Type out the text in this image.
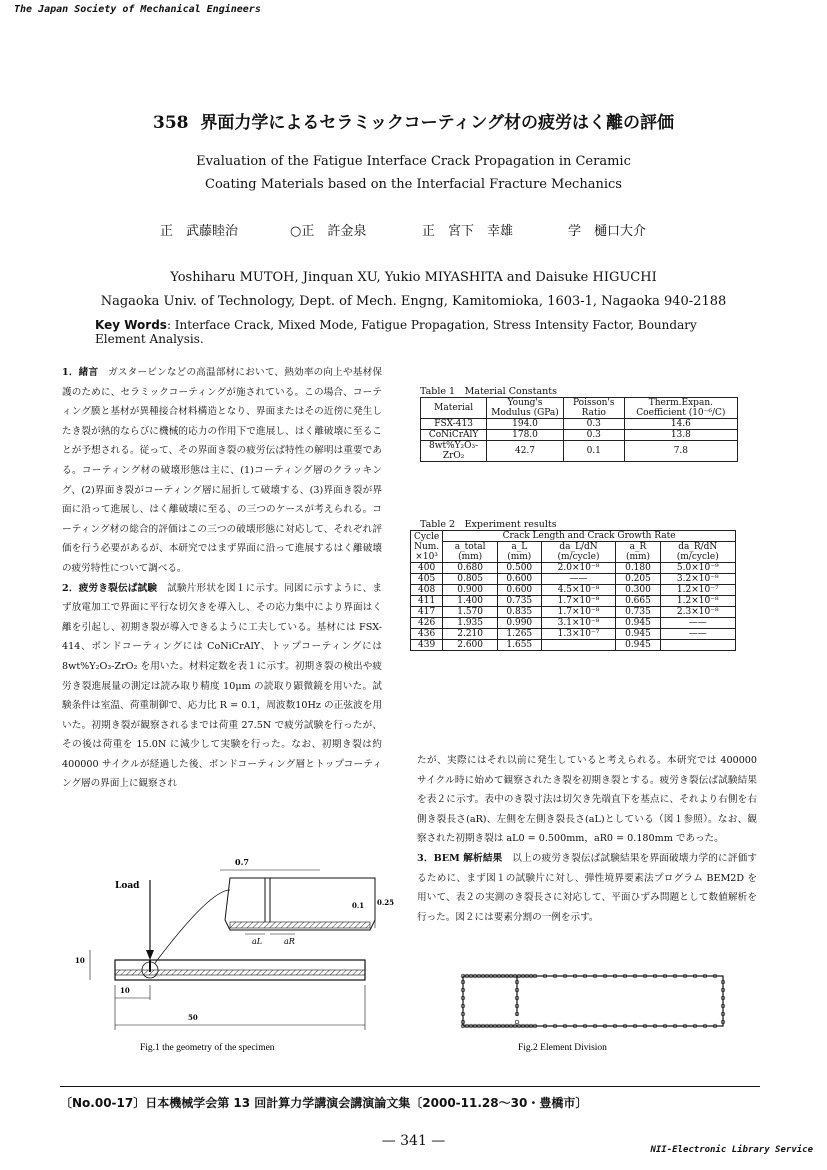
The Japan Society of Mechanical Engineers
358 界面力学によるセラミックコーティング材の疲労はく離の評価
Evaluation of the Fatigue Interface Crack Propagation in Ceramic
Coating Materials based on the Interfacial Fracture Mechanics
正　武藤睦治	○正　許金泉	正　宮下　幸雄	学　樋口大介
Yoshiharu MUTOH, Jinquan XU, Yukio MIYASHITA and Daisuke HIGUCHI
Nagaoka Univ. of Technology, Dept. of Mech. Engng, Kamitomioka, 1603-1, Nagaoka 940-2188
Key Words: Interface Crack, Mixed Mode, Fatigue Propagation, Stress Intensity Factor, Boundary Element Analysis.

1．緒言　 ガスタービンなどの高温部材において、熱効率の向上や基材保護のために、セラミックコーティングが施されている。この場合、コーティング膜と基材が異種接合材料構造となり、界面またはその近傍に発生したき裂が熱的ならびに機械的応力の作用下で進展し、はく離破壊に至ることが予想される。従って、その界面き裂の疲労伝ぱ特性の解明は重要である。コーティング材の破壊形態は主に、(1)コーティング層のクラッキング、(2)界面き裂がコーティング層に屈折して破壊する、(3)界面き裂が界面に沿って進展し、はく離破壊に至る、の三つのケースが考えられる。コーティング材の総合的評価はこの三つの破壊形態に対応して、それぞれ評価を行う必要があるが、本研究ではまず界面に沿って進展するはく離破壊の疲労特性について調べる。

2．疲労き裂伝ぱ試験　 試験片形状を図１に示す。同図に示すように、まず放電加工で界面に平行な切欠きを導入し、その応力集中により界面はく離を引起し、初期き裂が導入できるように工夫している。基材には FSX-414、ボンドコーティングには CoNiCrAlY、トップコーティングには 8wt%Y₂O₃-ZrO₂ を用いた。材料定数を表１に示す。初期き裂の検出や疲労き裂進展量の測定は読み取り精度 10μm の読取り顕微鏡を用いた。試験条件は室温、荷重制御で、応力比 R = 0.1，周波数10Hz の正弦波を用いた。初期き裂が観察されるまでは荷重 27.5N で疲労試験を行ったが、その後は荷重を 15.0N に減少して実験を行った。なお、初期き裂は約 400000 サイクルが経過した後、ボンドコーティング層とトップコーティング層の界面上に観察され

Table 1　Material Constants
Material	Young's Modulus (GPa)	Poisson's Ratio	Therm.Expan. Coefficient (10⁻⁶/C)
FSX-413	194.0	0.3	14.6
CoNiCrAlY	178.0	0.3	13.8
8wt%Y₂O₃-ZrO₂	42.7	0.1	7.8
Table 2　Experiment results
Cycle
Num.
×10³	Crack Length and Crack Growth Rate				
	a_total (mm)	a_L (mm)	da_L/dN (m/cycle)	a_R (mm)	da_R/dN (m/cycle)
400	0.680	0.500	2.0×10⁻⁸	0.180	5.0×10⁻⁹
405	0.805	0.600	——	0.205	3.2×10⁻⁸
408	0.900	0.600	4.5×10⁻⁸	0.300	1.2×10⁻⁷
411	1.400	0.735	1.7×10⁻⁸	0.665	1.2×10⁻⁸
417	1.570	0.835	1.7×10⁻⁸	0.735	2.3×10⁻⁸
426	1.935	0.990	3.1×10⁻⁸	0.945	——
436	2.210	1.265	1.3×10⁻⁷	0.945	——
439	2.600	1.655		0.945	

たが、実際にはそれ以前に発生していると考えられる。本研究では 400000 サイクル時に始めて観察されたき裂を初期き裂とする。疲労き裂伝ぱ試験結果を表２に示す。表中のき裂寸法は切欠き先端直下を基点に、それより右側を右側き裂長さ(aR)、左側を左側き裂長さ(aL)としている（図１参照）。なお、観察された初期き裂は aL0 = 0.500mm，aR0 = 0.180mm であった。

3．BEM 解析結果　 以上の疲労き裂伝ぱ試験結果を界面破壊力学的に評価するために、まず図１の試験片に対し、弾性境界要素法プログラム BEM2D を用いて、表２の実測のき裂長さに対応して、平面ひずみ問題として数値解析を行った。図２には要素分割の一例を示す。

Load
0.7
0.1 0.25
aL	aR
10
10
50
Fig.1 the geometry of the specimen	Fig.2 Element Division
〔No.00-17〕日本機械学会第 13 回計算力学講演会講演論文集〔2000-11.28〜30・豊橋市〕
— 341 —
NII-Electronic Library Service
